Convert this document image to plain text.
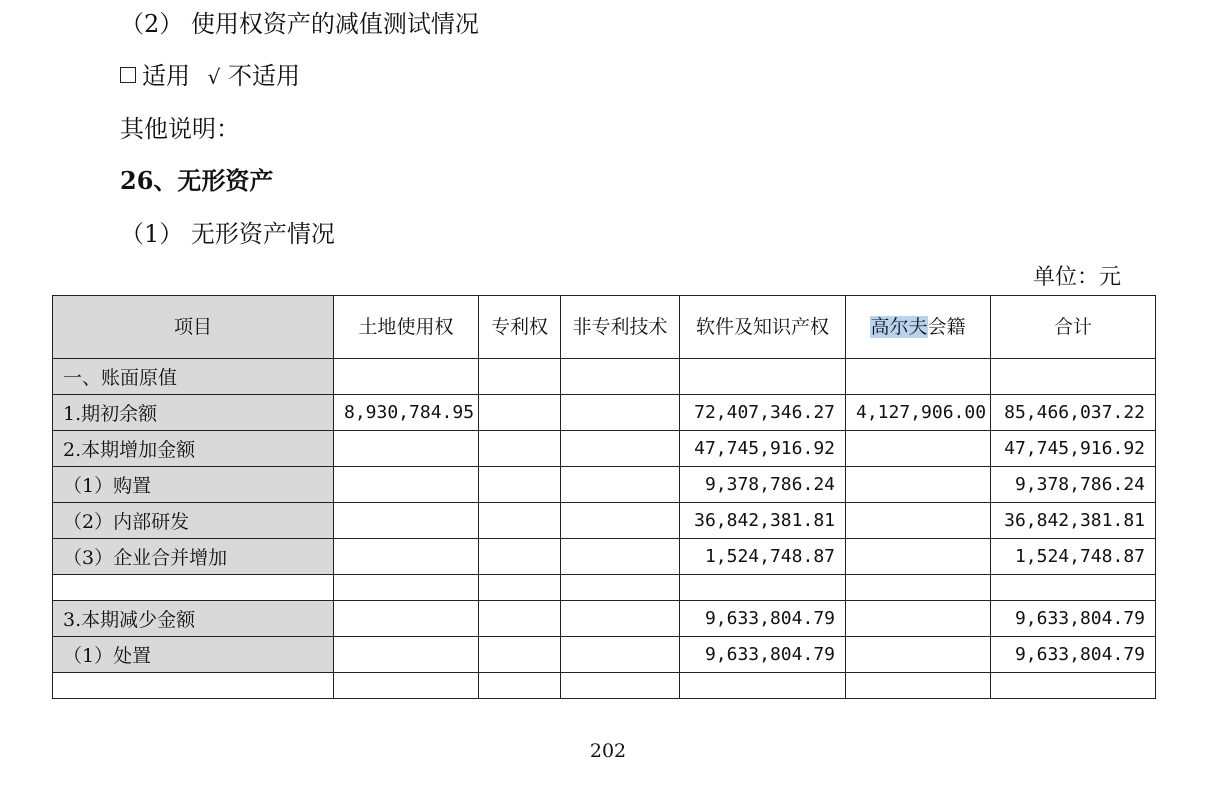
（2） 使用权资产的减值测试情况
适用 √ 不适用
其他说明：
26、无形资产
（1） 无形资产情况
单位：元
项目	土地使用权	专利权	非专利技术	软件及知识产权	高尔夫会籍	合计
一、账面原值						
1.期初余额	8,930,784.95			72,407,346.27	4,127,906.00	85,466,037.22
2.本期增加金额				47,745,916.92		47,745,916.92
（1）购置				9,378,786.24		9,378,786.24
（2）内部研发				36,842,381.81		36,842,381.81
（3）企业合并增加				1,524,748.87		1,524,748.87

3.本期减少金额				9,633,804.79		9,633,804.79
（1）处置				9,633,804.79		9,633,804.79

202
